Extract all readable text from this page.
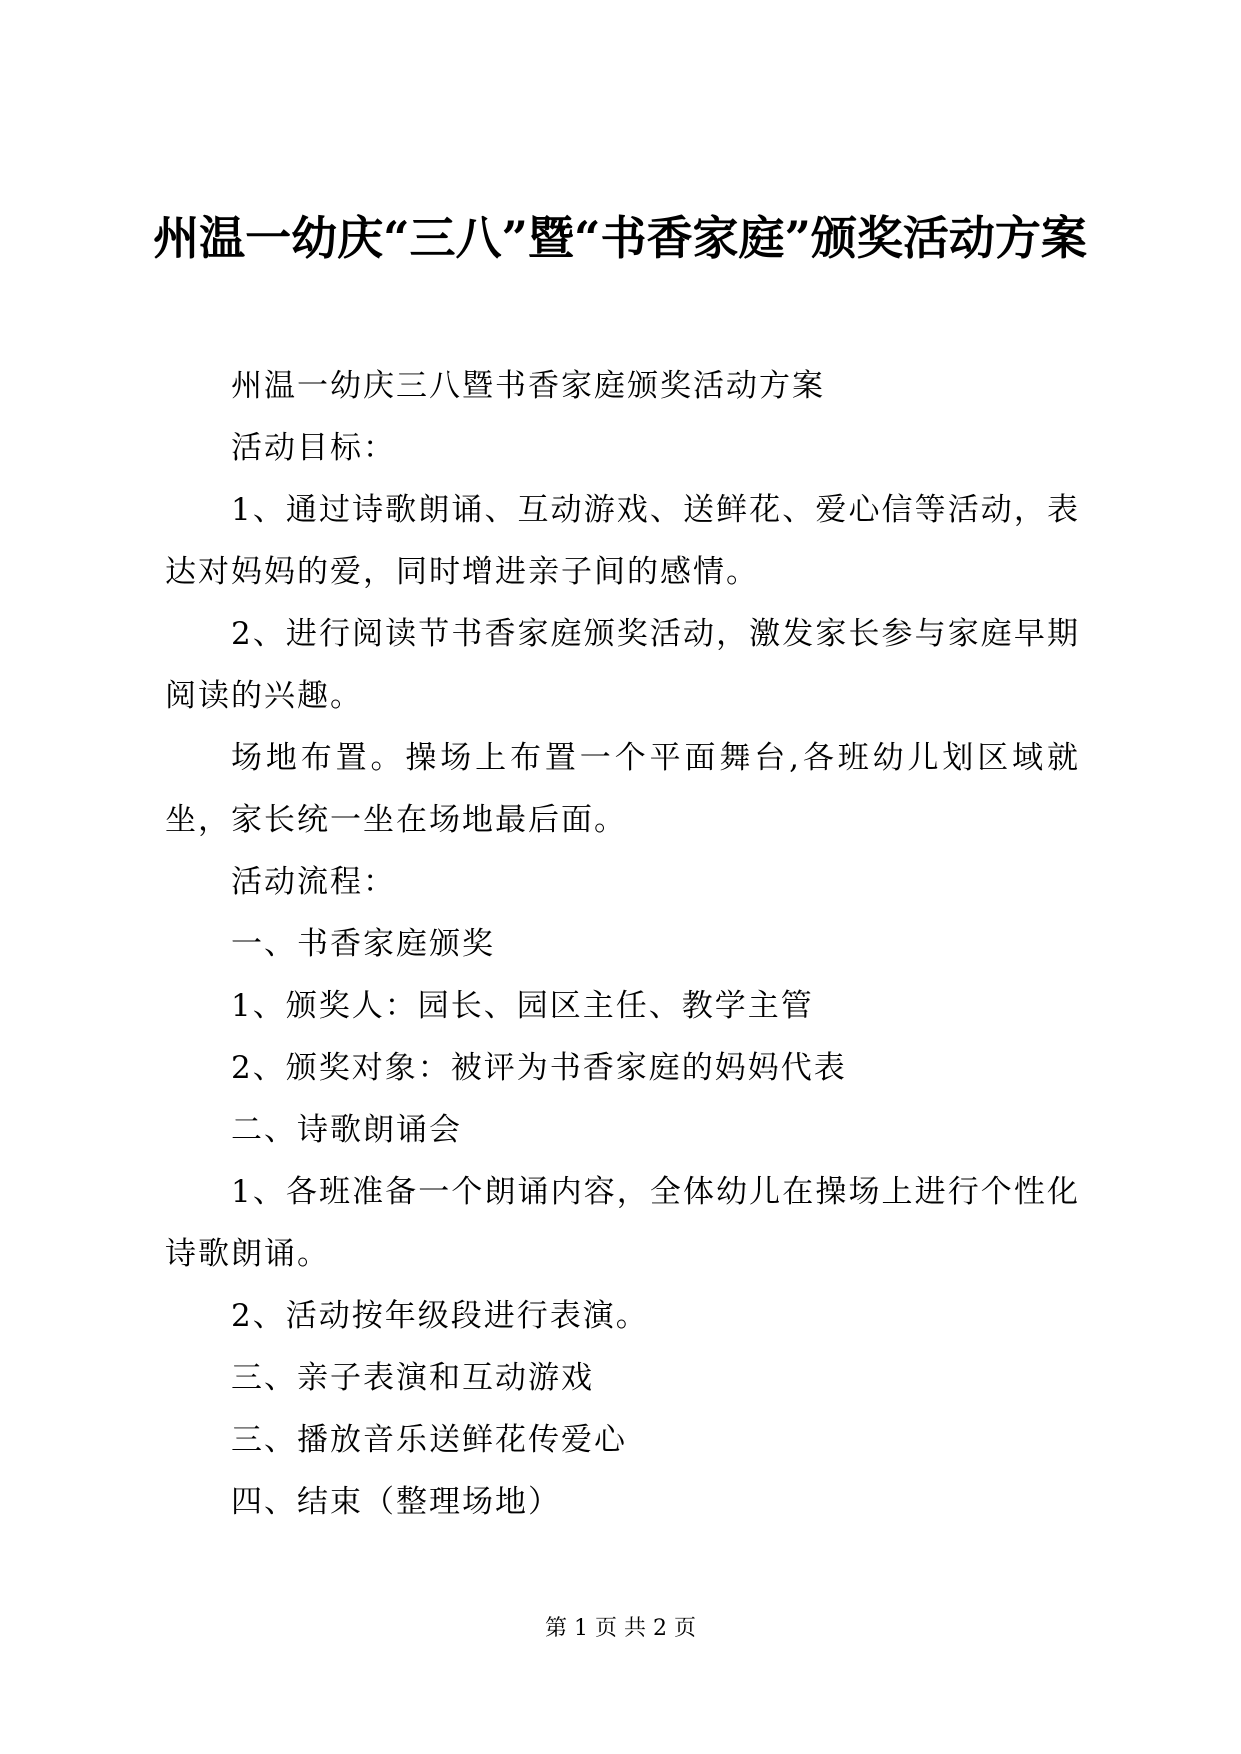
州温一幼庆“三八”暨“书香家庭”颁奖活动方案

州温一幼庆三八暨书香家庭颁奖活动方案

活动目标：

1、通过诗歌朗诵、互动游戏、送鲜花、爱心信等活动，表达对妈妈的爱，同时增进亲子间的感情。

2、进行阅读节书香家庭颁奖活动，激发家长参与家庭早期阅读的兴趣。

场地布置。操场上布置一个平面舞台,各班幼儿划区域就坐，家长统一坐在场地最后面。

活动流程：

一、书香家庭颁奖

1、颁奖人：园长、园区主任、教学主管

2、颁奖对象：被评为书香家庭的妈妈代表

二、诗歌朗诵会

1、各班准备一个朗诵内容，全体幼儿在操场上进行个性化诗歌朗诵。

2、活动按年级段进行表演。

三、亲子表演和互动游戏

三、播放音乐送鲜花传爱心

四、结束（整理场地）

第 1 页 共 2 页
